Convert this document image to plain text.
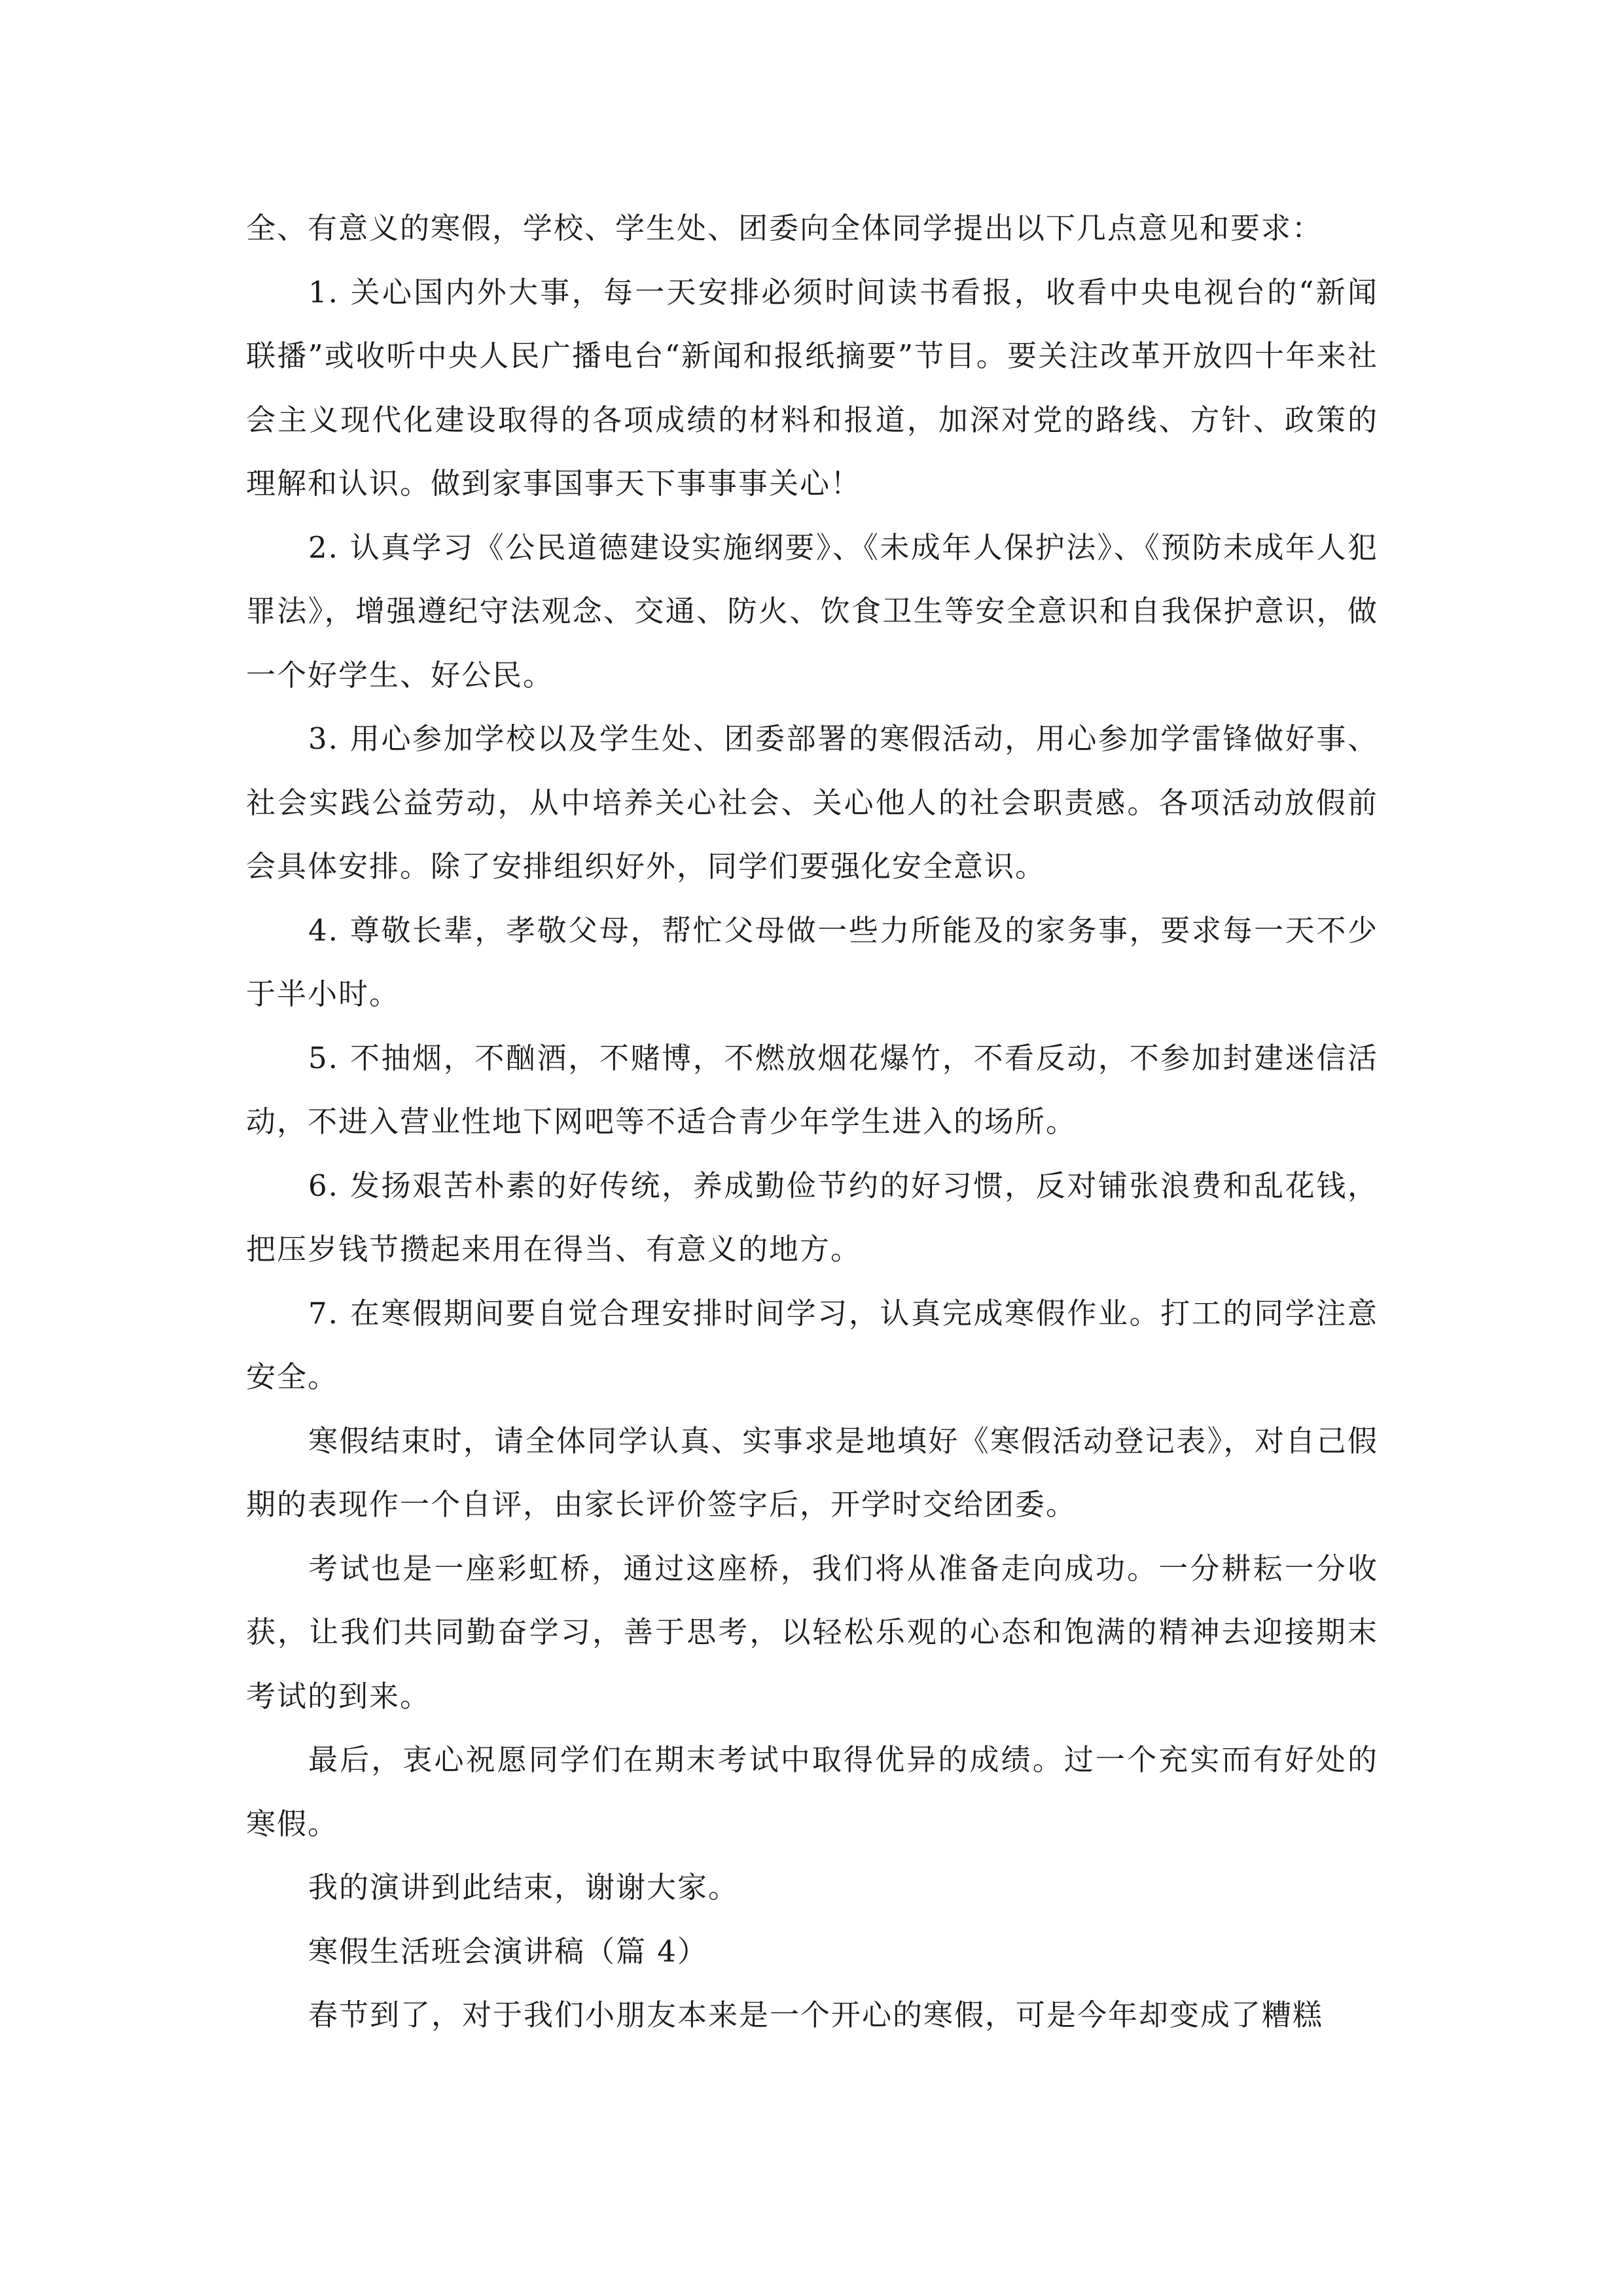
全、有意义的寒假，学校、学生处、团委向全体同学提出以下几点意见和要求：

1. 关心国内外大事，每一天安排必须时间读书看报，收看中央电视台的“新闻联播”或收听中央人民广播电台“新闻和报纸摘要”节目。要关注改革开放四十年来社会主义现代化建设取得的各项成绩的材料和报道，加深对党的路线、方针、政策的理解和认识。做到家事国事天下事事事关心！

2. 认真学习《公民道德建设实施纲要》、《未成年人保护法》、《预防未成年人犯罪法》，增强遵纪守法观念、交通、防火、饮食卫生等安全意识和自我保护意识，做一个好学生、好公民。

3. 用心参加学校以及学生处、团委部署的寒假活动，用心参加学雷锋做好事、社会实践公益劳动，从中培养关心社会、关心他人的社会职责感。各项活动放假前会具体安排。除了安排组织好外，同学们要强化安全意识。

4. 尊敬长辈，孝敬父母，帮忙父母做一些力所能及的家务事，要求每一天不少于半小时。

5. 不抽烟，不酗酒，不赌博，不燃放烟花爆竹，不看反动，不参加封建迷信活动，不进入营业性地下网吧等不适合青少年学生进入的场所。

6. 发扬艰苦朴素的好传统，养成勤俭节约的好习惯，反对铺张浪费和乱花钱，把压岁钱节攒起来用在得当、有意义的地方。

7. 在寒假期间要自觉合理安排时间学习，认真完成寒假作业。打工的同学注意安全。

寒假结束时，请全体同学认真、实事求是地填好《寒假活动登记表》，对自己假期的表现作一个自评，由家长评价签字后，开学时交给团委。

考试也是一座彩虹桥，通过这座桥，我们将从准备走向成功。一分耕耘一分收获，让我们共同勤奋学习，善于思考，以轻松乐观的心态和饱满的精神去迎接期末考试的到来。

最后，衷心祝愿同学们在期末考试中取得优异的成绩。过一个充实而有好处的寒假。

我的演讲到此结束，谢谢大家。

寒假生活班会演讲稿（篇 4）

春节到了，对于我们小朋友本来是一个开心的寒假，可是今年却变成了糟糕
